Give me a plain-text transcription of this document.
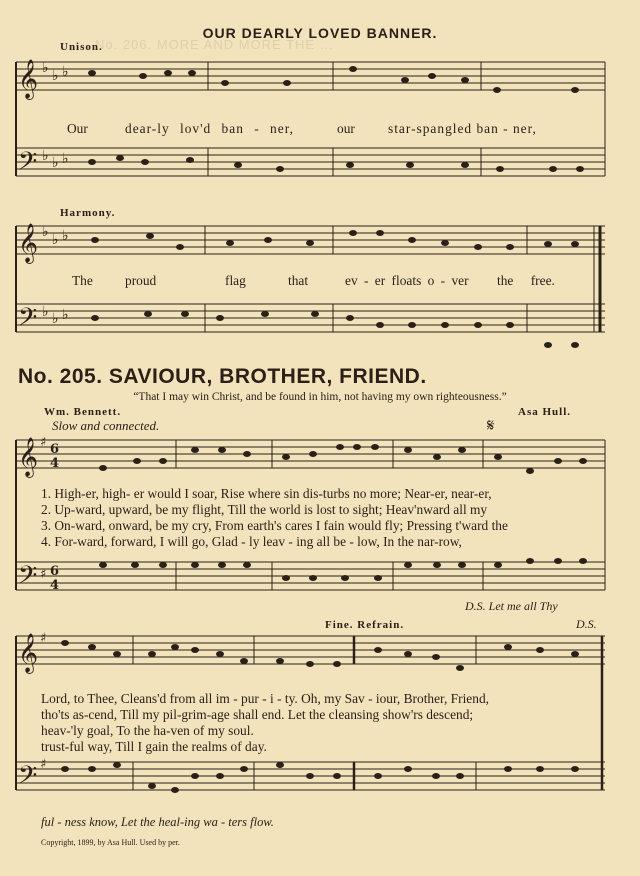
𝄞
𝄢
𝄞
𝄢
𝄞
𝄢
𝄞
𝄢
♭ ♭ ♭
♭ ♭ ♭
♭ ♭ ♭
♭ ♭ ♭
♯
♯
♯
♯
6
4
6
4
No. 206. MORE AND MORE THE ...
OUR DEARLY LOVED BANNER.
Unison.
Our	dear-ly lov'd ban - ner,	our star-spangled ban - ner,
Harmony.
The proud	flag	that	ev - er floats o - ver the free.
No. 205. SAVIOUR, BROTHER, FRIEND.
“That I may win Christ, and be found in him, not having my own righteousness.”
Wm. Bennett.	Asa Hull.
Slow and connected.	𝄋
1. High-er, high- er would I soar, Rise where sin dis-turbs no more; Near-er, near-er,
2. Up-ward, upward, be my flight, Till the world is lost to sight; Heav'nward all my
3. On-ward, onward, be my cry, From earth's cares I fain would fly; Pressing t'ward the
4. For-ward, forward, I will go, Glad - ly leav - ing all be - low, In the nar-row,
D.S. Let me all Thy
Fine. Refrain.	D.S.
Lord, to Thee, Cleans'd from all im - pur - i - ty. Oh, my Sav - iour, Brother, Friend,
tho'ts as-cend, Till my pil-grim-age shall end. Let the cleansing show'rs descend;
heav-'ly goal, To the ha-ven of my soul.
trust-ful way, Till I gain the realms of day.
ful - ness know, Let the heal-ing wa - ters flow.
Copyright, 1899, by Asa Hull. Used by per.
